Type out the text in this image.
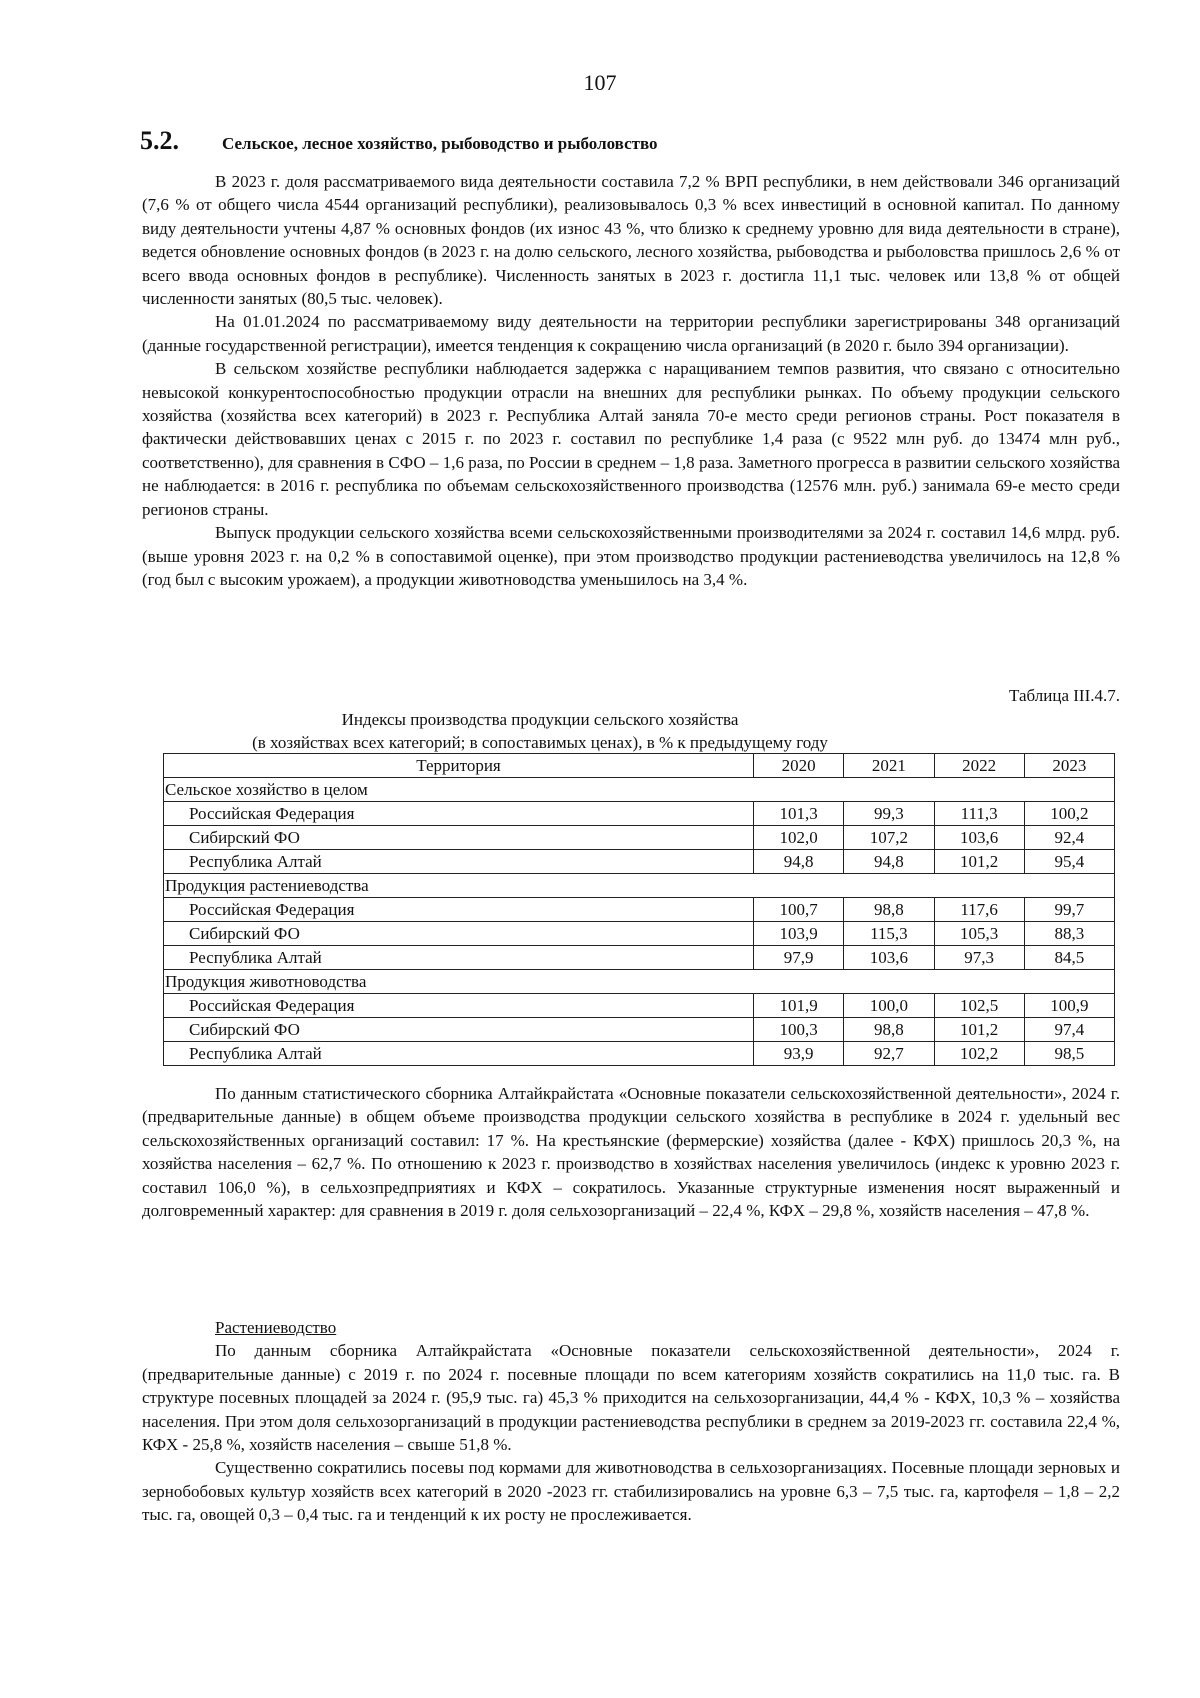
107
5.2.	Сельское, лесное хозяйство, рыбоводство и рыболовство

В 2023 г. доля рассматриваемого вида деятельности составила 7,2 % ВРП республики, в нем действовали 346 организаций (7,6 % от общего числа 4544 организаций республики), реализовывалось 0,3 % всех инвестиций в основной капитал. По данному виду деятельности учтены 4,87 % основных фондов (их износ 43 %, что близко к среднему уровню для вида деятельности в стране), ведется обновление основных фондов (в 2023 г. на долю сельского, лесного хозяйства, рыбоводства и рыболовства пришлось 2,6 % от всего ввода основных фондов в республике). Численность занятых в 2023 г. достигла 11,1 тыс. человек или 13,8 % от общей численности занятых (80,5 тыс. человек).

На 01.01.2024 по рассматриваемому виду деятельности на территории республики зарегистрированы 348 организаций (данные государственной регистрации), имеется тенденция к сокращению числа организаций (в 2020 г. было 394 организации).

В сельском хозяйстве республики наблюдается задержка с наращиванием темпов развития, что связано с относительно невысокой конкурентоспособностью продукции отрасли на внешних для республики рынках. По объему продукции сельского хозяйства (хозяйства всех категорий) в 2023 г. Республика Алтай заняла 70-е место среди регионов страны. Рост показателя в фактически действовавших ценах с 2015 г. по 2023 г. составил по республике 1,4 раза (с 9522 млн руб. до 13474 млн руб., соответственно), для сравнения в СФО – 1,6 раза, по России в среднем – 1,8 раза. Заметного прогресса в развитии сельского хозяйства не наблюдается: в 2016 г. республика по объемам сельскохозяйственного производства (12576 млн. руб.) занимала 69-е место среди регионов страны.

Выпуск продукции сельского хозяйства всеми сельскохозяйственными производителями за 2024 г. составил 14,6 млрд. руб. (выше уровня 2023 г. на 0,2 % в сопоставимой оценке), при этом производство продукции растениеводства увеличилось на 12,8 % (год был с высоким урожаем), а продукции животноводства уменьшилось на 3,4 %.

Таблица III.4.7.
Индексы производства продукции сельского хозяйства
(в хозяйствах всех категорий; в сопоставимых ценах), в % к предыдущему году
Территория	2020	2021	2022	2023
Сельское хозяйство в целом				
Российская Федерация	101,3	99,3	111,3	100,2
Сибирский ФО	102,0	107,2	103,6	92,4
Республика Алтай	94,8	94,8	101,2	95,4
Продукция растениеводства				
Российская Федерация	100,7	98,8	117,6	99,7
Сибирский ФО	103,9	115,3	105,3	88,3
Республика Алтай	97,9	103,6	97,3	84,5
Продукция животноводства				
Российская Федерация	101,9	100,0	102,5	100,9
Сибирский ФО	100,3	98,8	101,2	97,4
Республика Алтай	93,9	92,7	102,2	98,5

По данным статистического сборника Алтайкрайстата «Основные показатели сельскохозяйственной деятельности», 2024 г. (предварительные данные) в общем объеме производства продукции сельского хозяйства в республике в 2024 г. удельный вес сельскохозяйственных организаций составил: 17 %. На крестьянские (фермерские) хозяйства (далее - КФХ) пришлось 20,3 %, на хозяйства населения – 62,7 %. По отношению к 2023 г. производство в хозяйствах населения увеличилось (индекс к уровню 2023 г. составил 106,0 %), в сельхозпредприятиях и КФХ – сократилось. Указанные структурные изменения носят выраженный и долговременный характер: для сравнения в 2019 г. доля сельхозорганизаций – 22,4 %, КФХ – 29,8 %, хозяйств населения – 47,8 %.

Растениеводство

По данным сборника Алтайкрайстата «Основные показатели сельскохозяйственной деятельности», 2024 г. (предварительные данные) с 2019 г. по 2024 г. посевные площади по всем категориям хозяйств сократились на 11,0 тыс. га. В структуре посевных площадей за 2024 г. (95,9 тыс. га) 45,3 % приходится на сельхозорганизации, 44,4 % - КФХ, 10,3 % – хозяйства населения. При этом доля сельхозорганизаций в продукции растениеводства республики в среднем за 2019-2023 гг. составила 22,4 %, КФХ - 25,8 %, хозяйств населения – свыше 51,8 %.

Существенно сократились посевы под кормами для животноводства в сельхозорганизациях. Посевные площади зерновых и зернобобовых культур хозяйств всех категорий в 2020 -2023 гг. стабилизировались на уровне 6,3 – 7,5 тыс. га, картофеля – 1,8 – 2,2 тыс. га, овощей 0,3 – 0,4 тыс. га и тенденций к их росту не прослеживается.
